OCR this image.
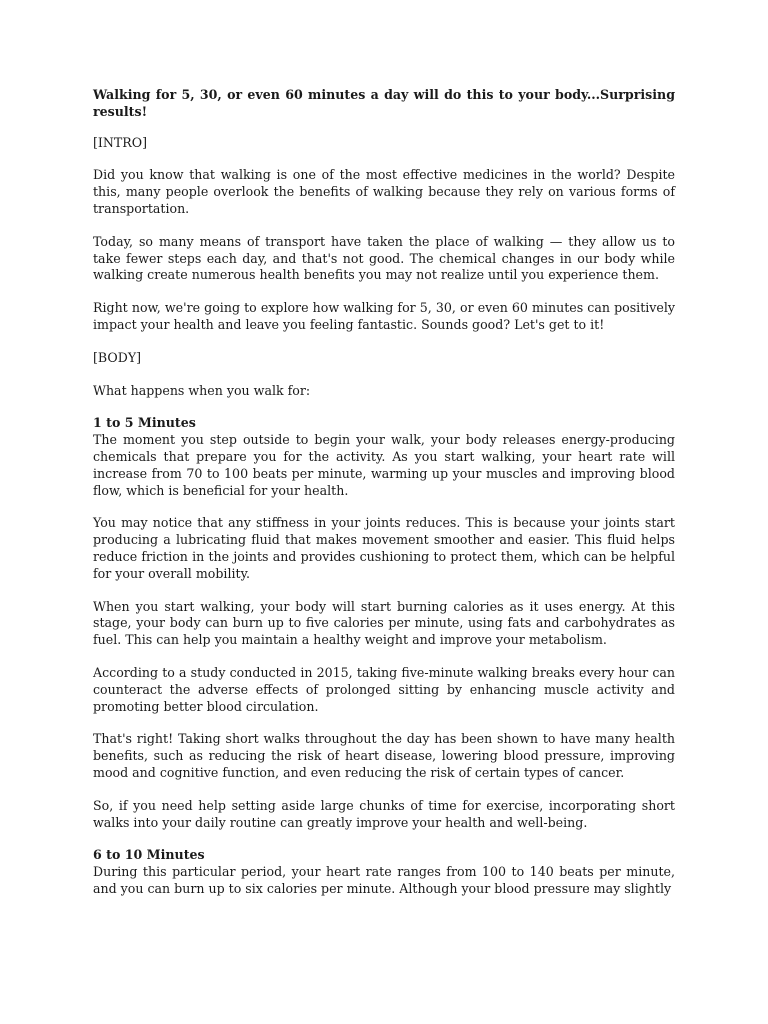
Walking for 5, 30, or even 60 minutes a day will do this to your body...Surprising results!

[INTRO]

Did you know that walking is one of the most effective medicines in the world? Despite this, many people overlook the benefits of walking because they rely on various forms of transportation.

Today, so many means of transport have taken the place of walking — they allow us to take fewer steps each day, and that's not good. The chemical changes in our body while walking create numerous health benefits you may not realize until you experience them.

Right now, we're going to explore how walking for 5, 30, or even 60 minutes can positively impact your health and leave you feeling fantastic. Sounds good? Let's get to it!

[BODY]

What happens when you walk for:

1 to 5 Minutes

The moment you step outside to begin your walk, your body releases energy-producing chemicals that prepare you for the activity. As you start walking, your heart rate will increase from 70 to 100 beats per minute, warming up your muscles and improving blood flow, which is beneficial for your health.

You may notice that any stiffness in your joints reduces. This is because your joints start producing a lubricating fluid that makes movement smoother and easier. This fluid helps reduce friction in the joints and provides cushioning to protect them, which can be helpful for your overall mobility.

When you start walking, your body will start burning calories as it uses energy. At this stage, your body can burn up to five calories per minute, using fats and carbohydrates as fuel. This can help you maintain a healthy weight and improve your metabolism.

According to a study conducted in 2015, taking five-minute walking breaks every hour can counteract the adverse effects of prolonged sitting by enhancing muscle activity and promoting better blood circulation.

That's right! Taking short walks throughout the day has been shown to have many health benefits, such as reducing the risk of heart disease, lowering blood pressure, improving mood and cognitive function, and even reducing the risk of certain types of cancer.

So, if you need help setting aside large chunks of time for exercise, incorporating short walks into your daily routine can greatly improve your health and well-being.

6 to 10 Minutes

During this particular period, your heart rate ranges from 100 to 140 beats per minute, and you can burn up to six calories per minute. Although your blood pressure may slightly
